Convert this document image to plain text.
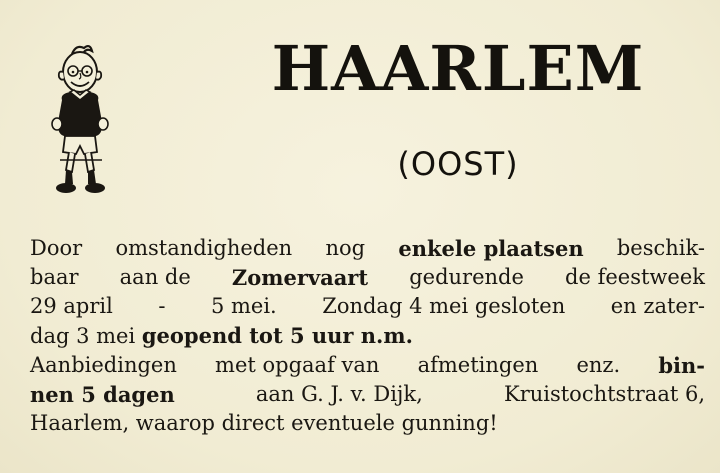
HAARLEM
(OOST)
Door omstandigheden nog enkele plaatsen beschik-
baar aan de Zomervaart gedurende de feestweek
29 april - 5 mei. Zondag 4 mei gesloten en zater-
dag 3 mei geopend tot 5 uur n.m.
Aanbiedingen met opgaaf van afmetingen enz. bin-
nen 5 dagen	aan G. J. v. Dijk,	Kruistochtstraat 6,
Haarlem, waarop direct eventuele gunning!
